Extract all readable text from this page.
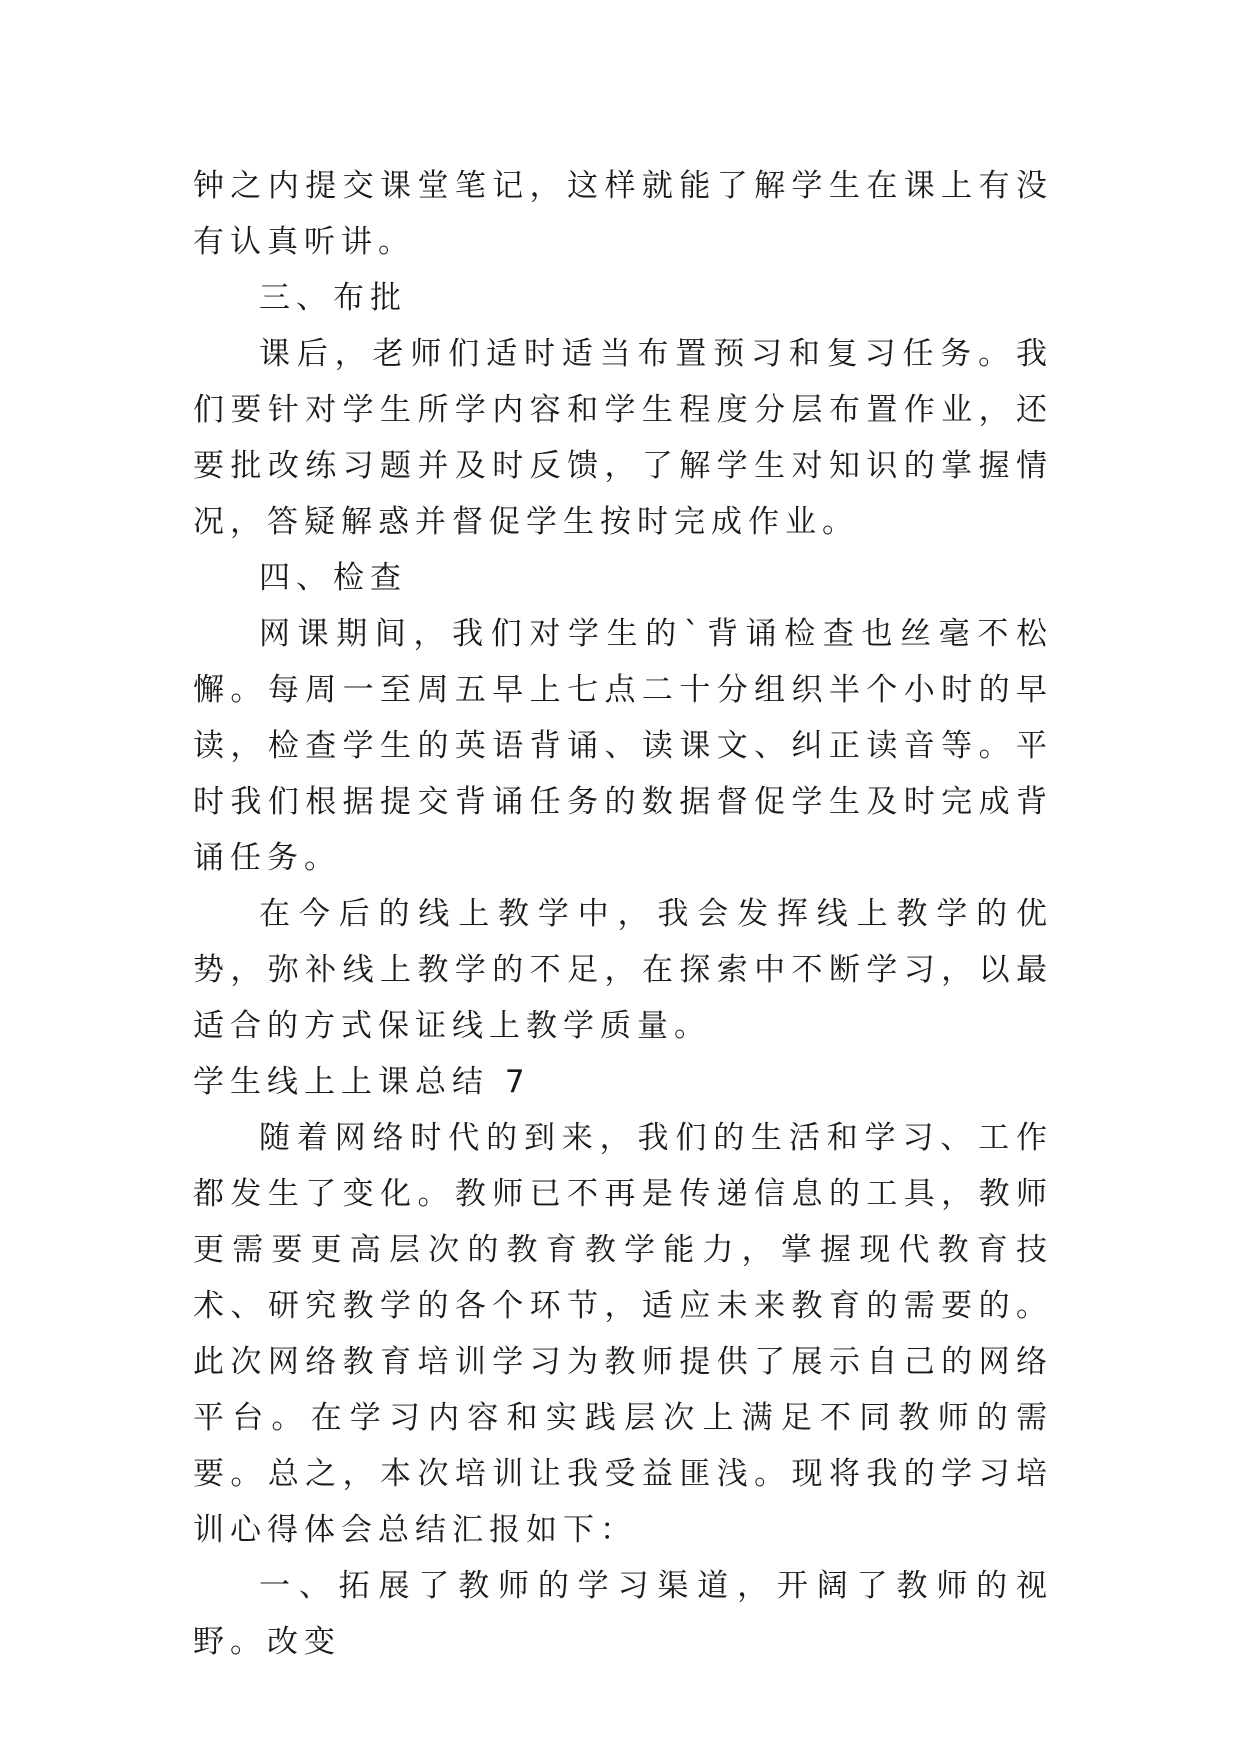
钟之内提交课堂笔记，这样就能了解学生在课上有没有认真听讲。

三、布批

课后，老师们适时适当布置预习和复习任务。我们要针对学生所学内容和学生程度分层布置作业，还要批改练习题并及时反馈，了解学生对知识的掌握情况，答疑解惑并督促学生按时完成作业。

四、检查

网课期间，我们对学生的`背诵检查也丝毫不松懈。每周一至周五早上七点二十分组织半个小时的早读，检查学生的英语背诵、读课文、纠正读音等。平时我们根据提交背诵任务的数据督促学生及时完成背诵任务。

在今后的线上教学中，我会发挥线上教学的优势，弥补线上教学的不足，在探索中不断学习，以最适合的方式保证线上教学质量。

学生线上上课总结 7

随着网络时代的到来，我们的生活和学习、工作都发生了变化。教师已不再是传递信息的工具，教师更需要更高层次的教育教学能力，掌握现代教育技术、研究教学的各个环节，适应未来教育的需要的。此次网络教育培训学习为教师提供了展示自己的网络平台。在学习内容和实践层次上满足不同教师的需要。总之，本次培训让我受益匪浅。现将我的学习培训心得体会总结汇报如下：

一、拓展了教师的学习渠道，开阔了教师的视野。改变
